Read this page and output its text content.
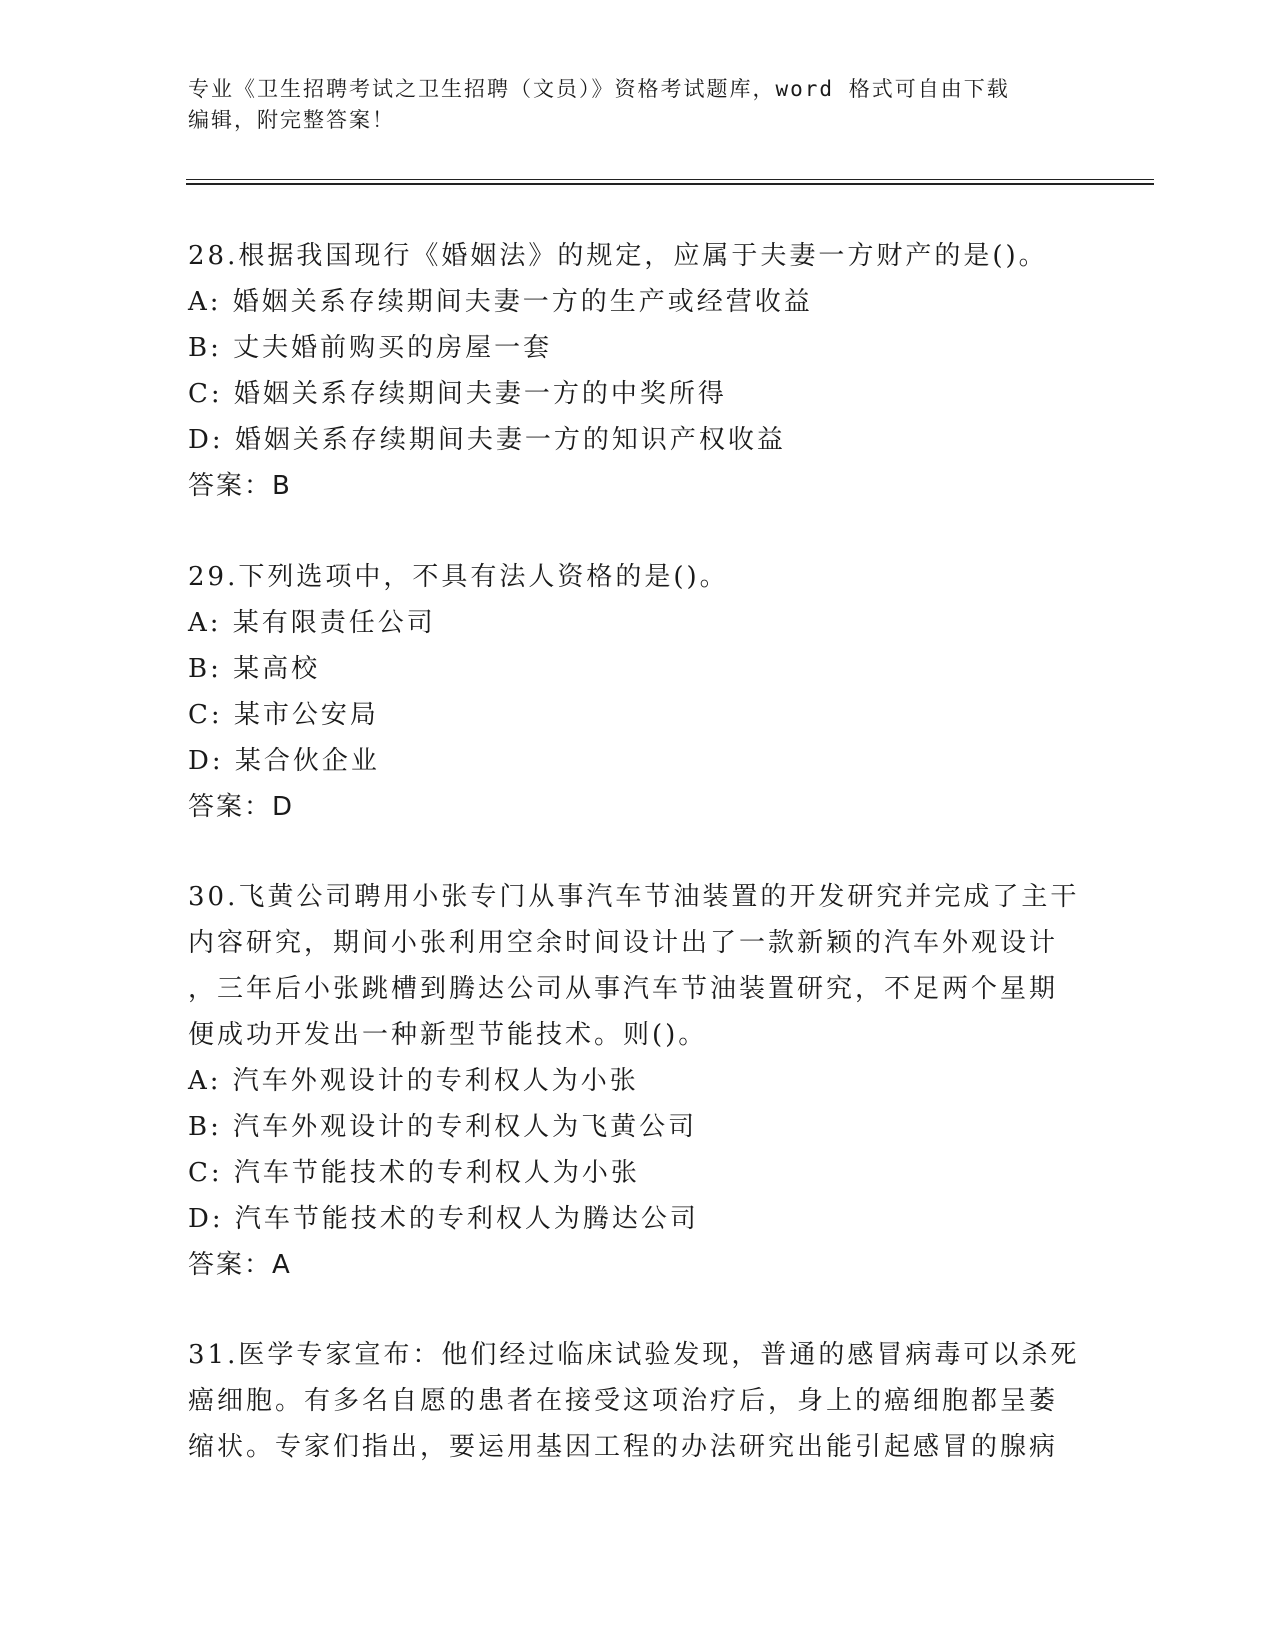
专业《卫生招聘考试之卫生招聘（文员）》资格考试题库，word 格式可自由下载
编辑，附完整答案！
28.根据我国现行《婚姻法》的规定，应属于夫妻一方财产的是()。
A: 婚姻关系存续期间夫妻一方的生产或经营收益
B: 丈夫婚前购买的房屋一套
C: 婚姻关系存续期间夫妻一方的中奖所得
D: 婚姻关系存续期间夫妻一方的知识产权收益
答案：B
29.下列选项中，不具有法人资格的是()。
A: 某有限责任公司
B: 某高校
C: 某市公安局
D: 某合伙企业
答案：D
30.飞黄公司聘用小张专门从事汽车节油装置的开发研究并完成了主干
内容研究，期间小张利用空余时间设计出了一款新颖的汽车外观设计
，三年后小张跳槽到腾达公司从事汽车节油装置研究，不足两个星期
便成功开发出一种新型节能技术。则()。
A: 汽车外观设计的专利权人为小张
B: 汽车外观设计的专利权人为飞黄公司
C: 汽车节能技术的专利权人为小张
D: 汽车节能技术的专利权人为腾达公司
答案：A
31.医学专家宣布：他们经过临床试验发现，普通的感冒病毒可以杀死
癌细胞。有多名自愿的患者在接受这项治疗后，身上的癌细胞都呈萎
缩状。专家们指出，要运用基因工程的办法研究出能引起感冒的腺病
